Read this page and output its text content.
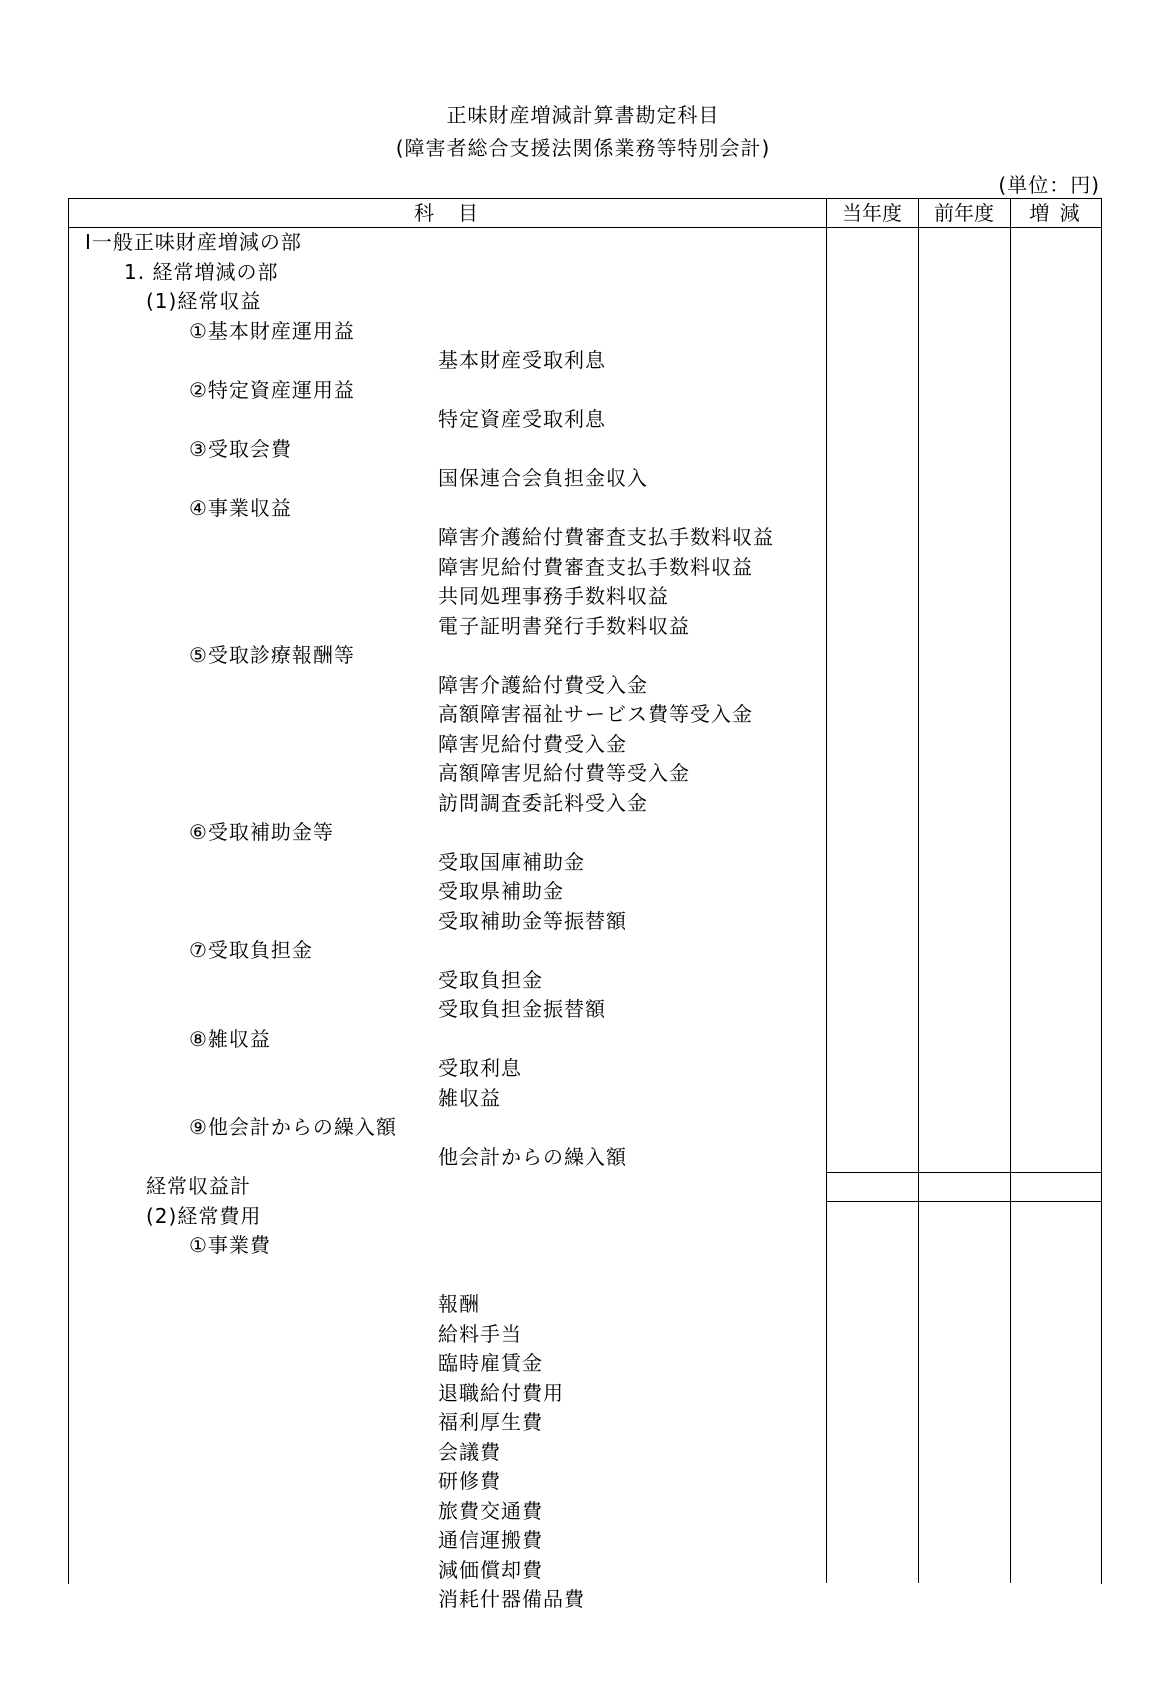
正味財産増減計算書勘定科目
(障害者総合支援法関係業務等特別会計)
(単位：円)
科　目	当年度	前年度	増 減
Ⅰ一般正味財産増減の部
1. 経常増減の部
(1)経常収益
①基本財産運用益
基本財産受取利息
②特定資産運用益
特定資産受取利息
③受取会費
国保連合会負担金収入
④事業収益
障害介護給付費審査支払手数料収益
障害児給付費審査支払手数料収益
共同処理事務手数料収益
電子証明書発行手数料収益
⑤受取診療報酬等
障害介護給付費受入金
高額障害福祉サービス費等受入金
障害児給付費受入金
高額障害児給付費等受入金
訪問調査委託料受入金
⑥受取補助金等
受取国庫補助金
受取県補助金
受取補助金等振替額
⑦受取負担金
受取負担金
受取負担金振替額
⑧雑収益
受取利息
雑収益
⑨他会計からの繰入額
他会計からの繰入額
経常収益計
(2)経常費用
①事業費
報酬
給料手当
臨時雇賃金
退職給付費用
福利厚生費
会議費
研修費
旅費交通費
通信運搬費
減価償却費
消耗什器備品費
